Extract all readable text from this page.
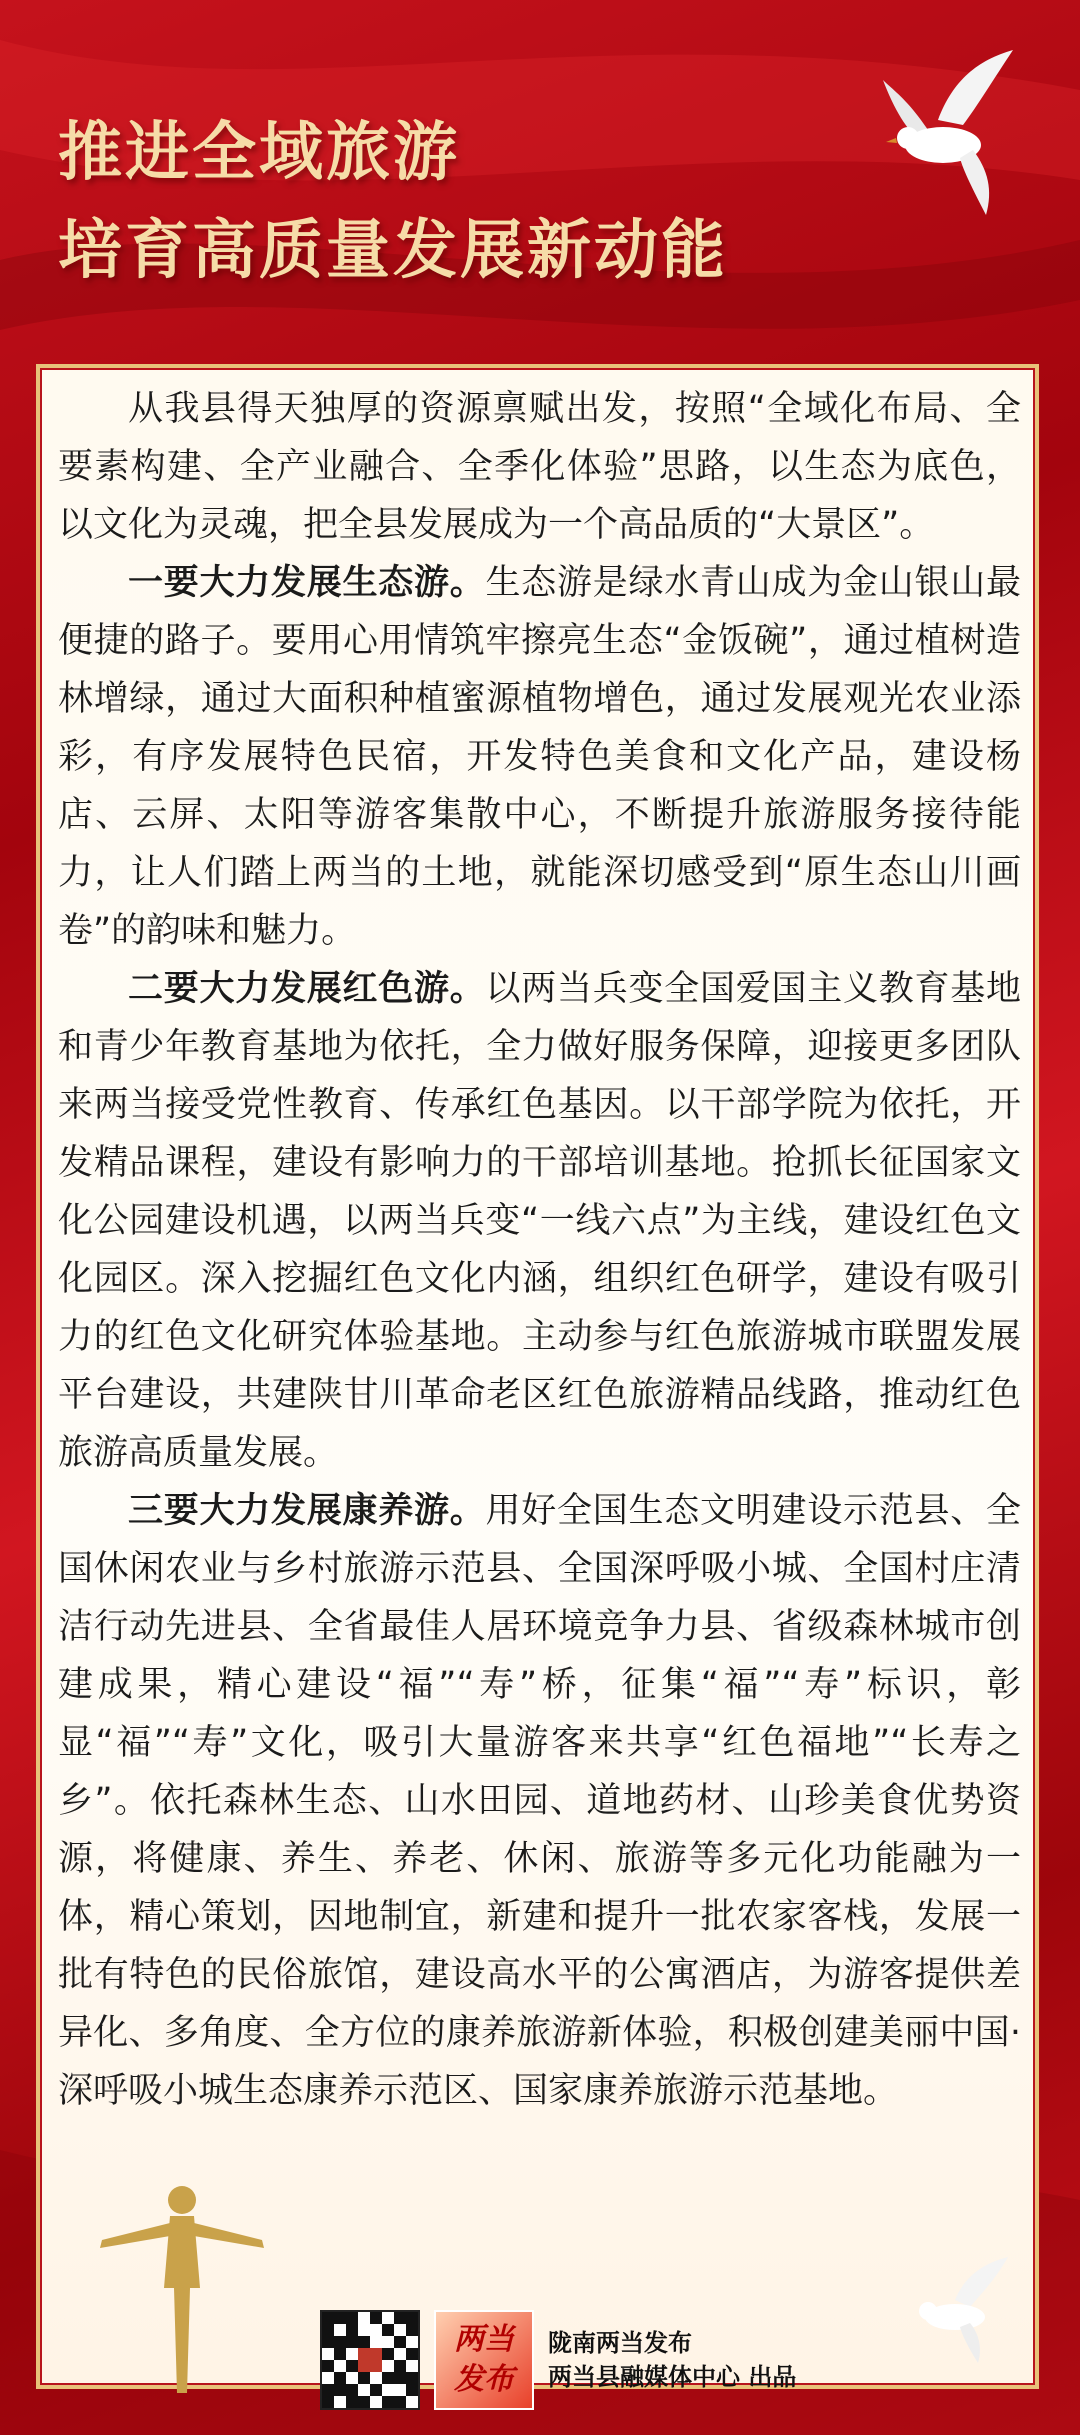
推进全域旅游
培育高质量发展新动能

从我县得天独厚的资源禀赋出发，按照“全域化布局、全要素构建、全产业融合、全季化体验”思路，以生态为底色，以文化为灵魂，把全县发展成为一个高品质的“大景区”。

一要大力发展生态游。生态游是绿水青山成为金山银山最便捷的路子。要用心用情筑牢擦亮生态“金饭碗”，通过植树造林增绿，通过大面积种植蜜源植物增色，通过发展观光农业添彩，有序发展特色民宿，开发特色美食和文化产品，建设杨店、云屏、太阳等游客集散中心，不断提升旅游服务接待能力，让人们踏上两当的土地，就能深切感受到“原生态山川画卷”的韵味和魅力。

二要大力发展红色游。以两当兵变全国爱国主义教育基地和青少年教育基地为依托，全力做好服务保障，迎接更多团队来两当接受党性教育、传承红色基因。以干部学院为依托，开发精品课程，建设有影响力的干部培训基地。抢抓长征国家文化公园建设机遇，以两当兵变“一线六点”为主线，建设红色文化园区。深入挖掘红色文化内涵，组织红色研学，建设有吸引力的红色文化研究体验基地。主动参与红色旅游城市联盟发展平台建设，共建陕甘川革命老区红色旅游精品线路，推动红色旅游高质量发展。

三要大力发展康养游。用好全国生态文明建设示范县、全国休闲农业与乡村旅游示范县、全国深呼吸小城、全国村庄清洁行动先进县、全省最佳人居环境竞争力县、省级森林城市创建成果，精心建设“福”“寿”桥，征集“福”“寿”标识，彰显“福”“寿”文化，吸引大量游客来共享“红色福地”“长寿之乡”。依托森林生态、山水田园、道地药材、山珍美食优势资源，将健康、养生、养老、休闲、旅游等多元化功能融为一体，精心策划，因地制宜，新建和提升一批农家客栈，发展一批有特色的民俗旅馆，建设高水平的公寓酒店，为游客提供差异化、多角度、全方位的康养旅游新体验，积极创建美丽中国·深呼吸小城生态康养示范区、国家康养旅游示范基地。

两当
发布
陇南两当发布
两当县融媒体中心 出品
